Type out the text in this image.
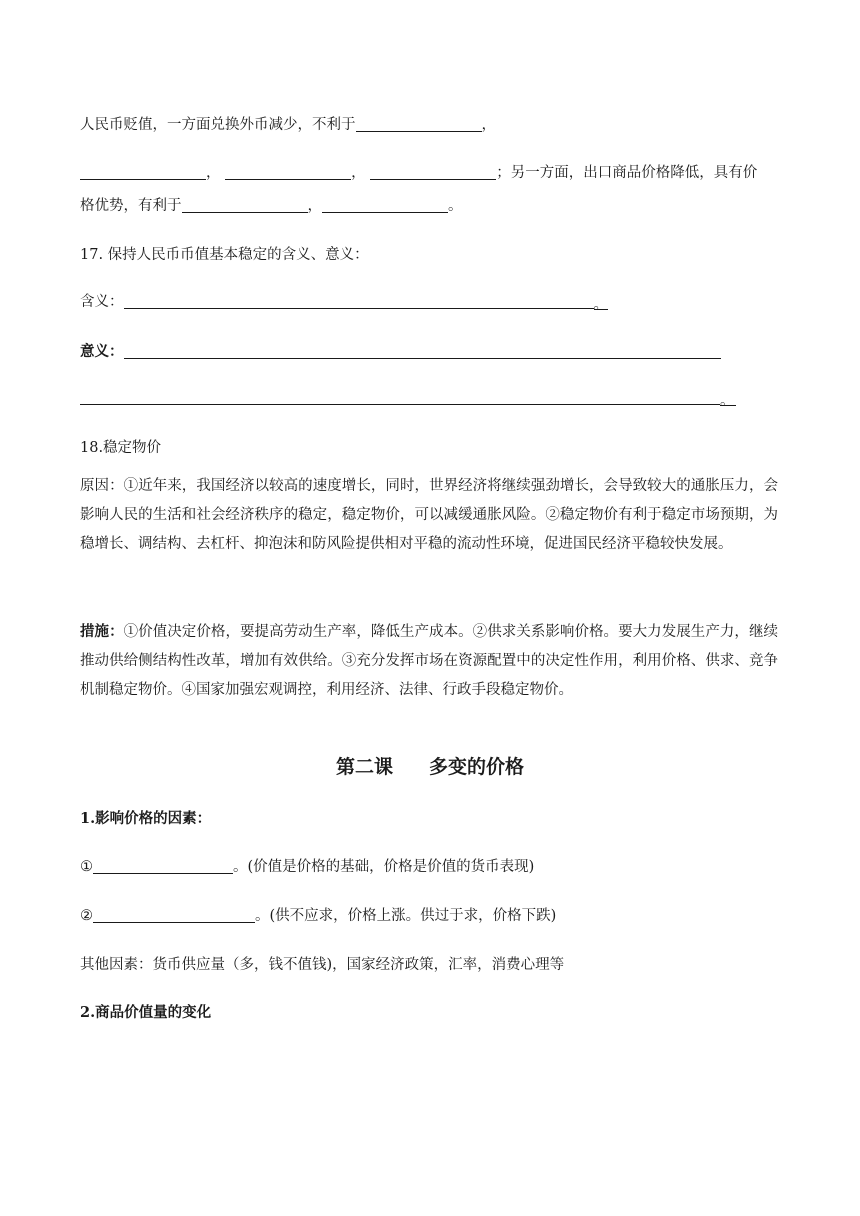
人民币贬值，一方面兑换外币减少，不利于	，
，	，	；另一方面，出口商品价格降低，具有价
格优势，有利于	，	。
17. 保持人民币币值基本稳定的含义、意义：
含义：	。
意义：
。
18.稳定物价
原因：①近年来，我国经济以较高的速度增长，同时，世界经济将继续强劲增长，会导致较大的通胀压力，会影响人民的生活和社会经济秩序的稳定，稳定物价，可以减缓通胀风险。②稳定物价有利于稳定市场预期，为稳增长、调结构、去杠杆、抑泡沫和防风险提供相对平稳的流动性环境，促进国民经济平稳较快发展。
措施：①价值决定价格，要提高劳动生产率，降低生产成本。②供求关系影响价格。要大力发展生产力，继续推动供给侧结构性改革，增加有效供给。③充分发挥市场在资源配置中的决定性作用，利用价格、供求、竞争机制稳定物价。④国家加强宏观调控，利用经济、法律、行政手段稳定物价。
第二课 多变的价格
1.影响价格的因素：
①	。(价值是价格的基础，价格是价值的货币表现)
②	。(供不应求，价格上涨。供过于求，价格下跌)
其他因素：货币供应量（多，钱不值钱)，国家经济政策，汇率，消费心理等
2.商品价值量的变化
